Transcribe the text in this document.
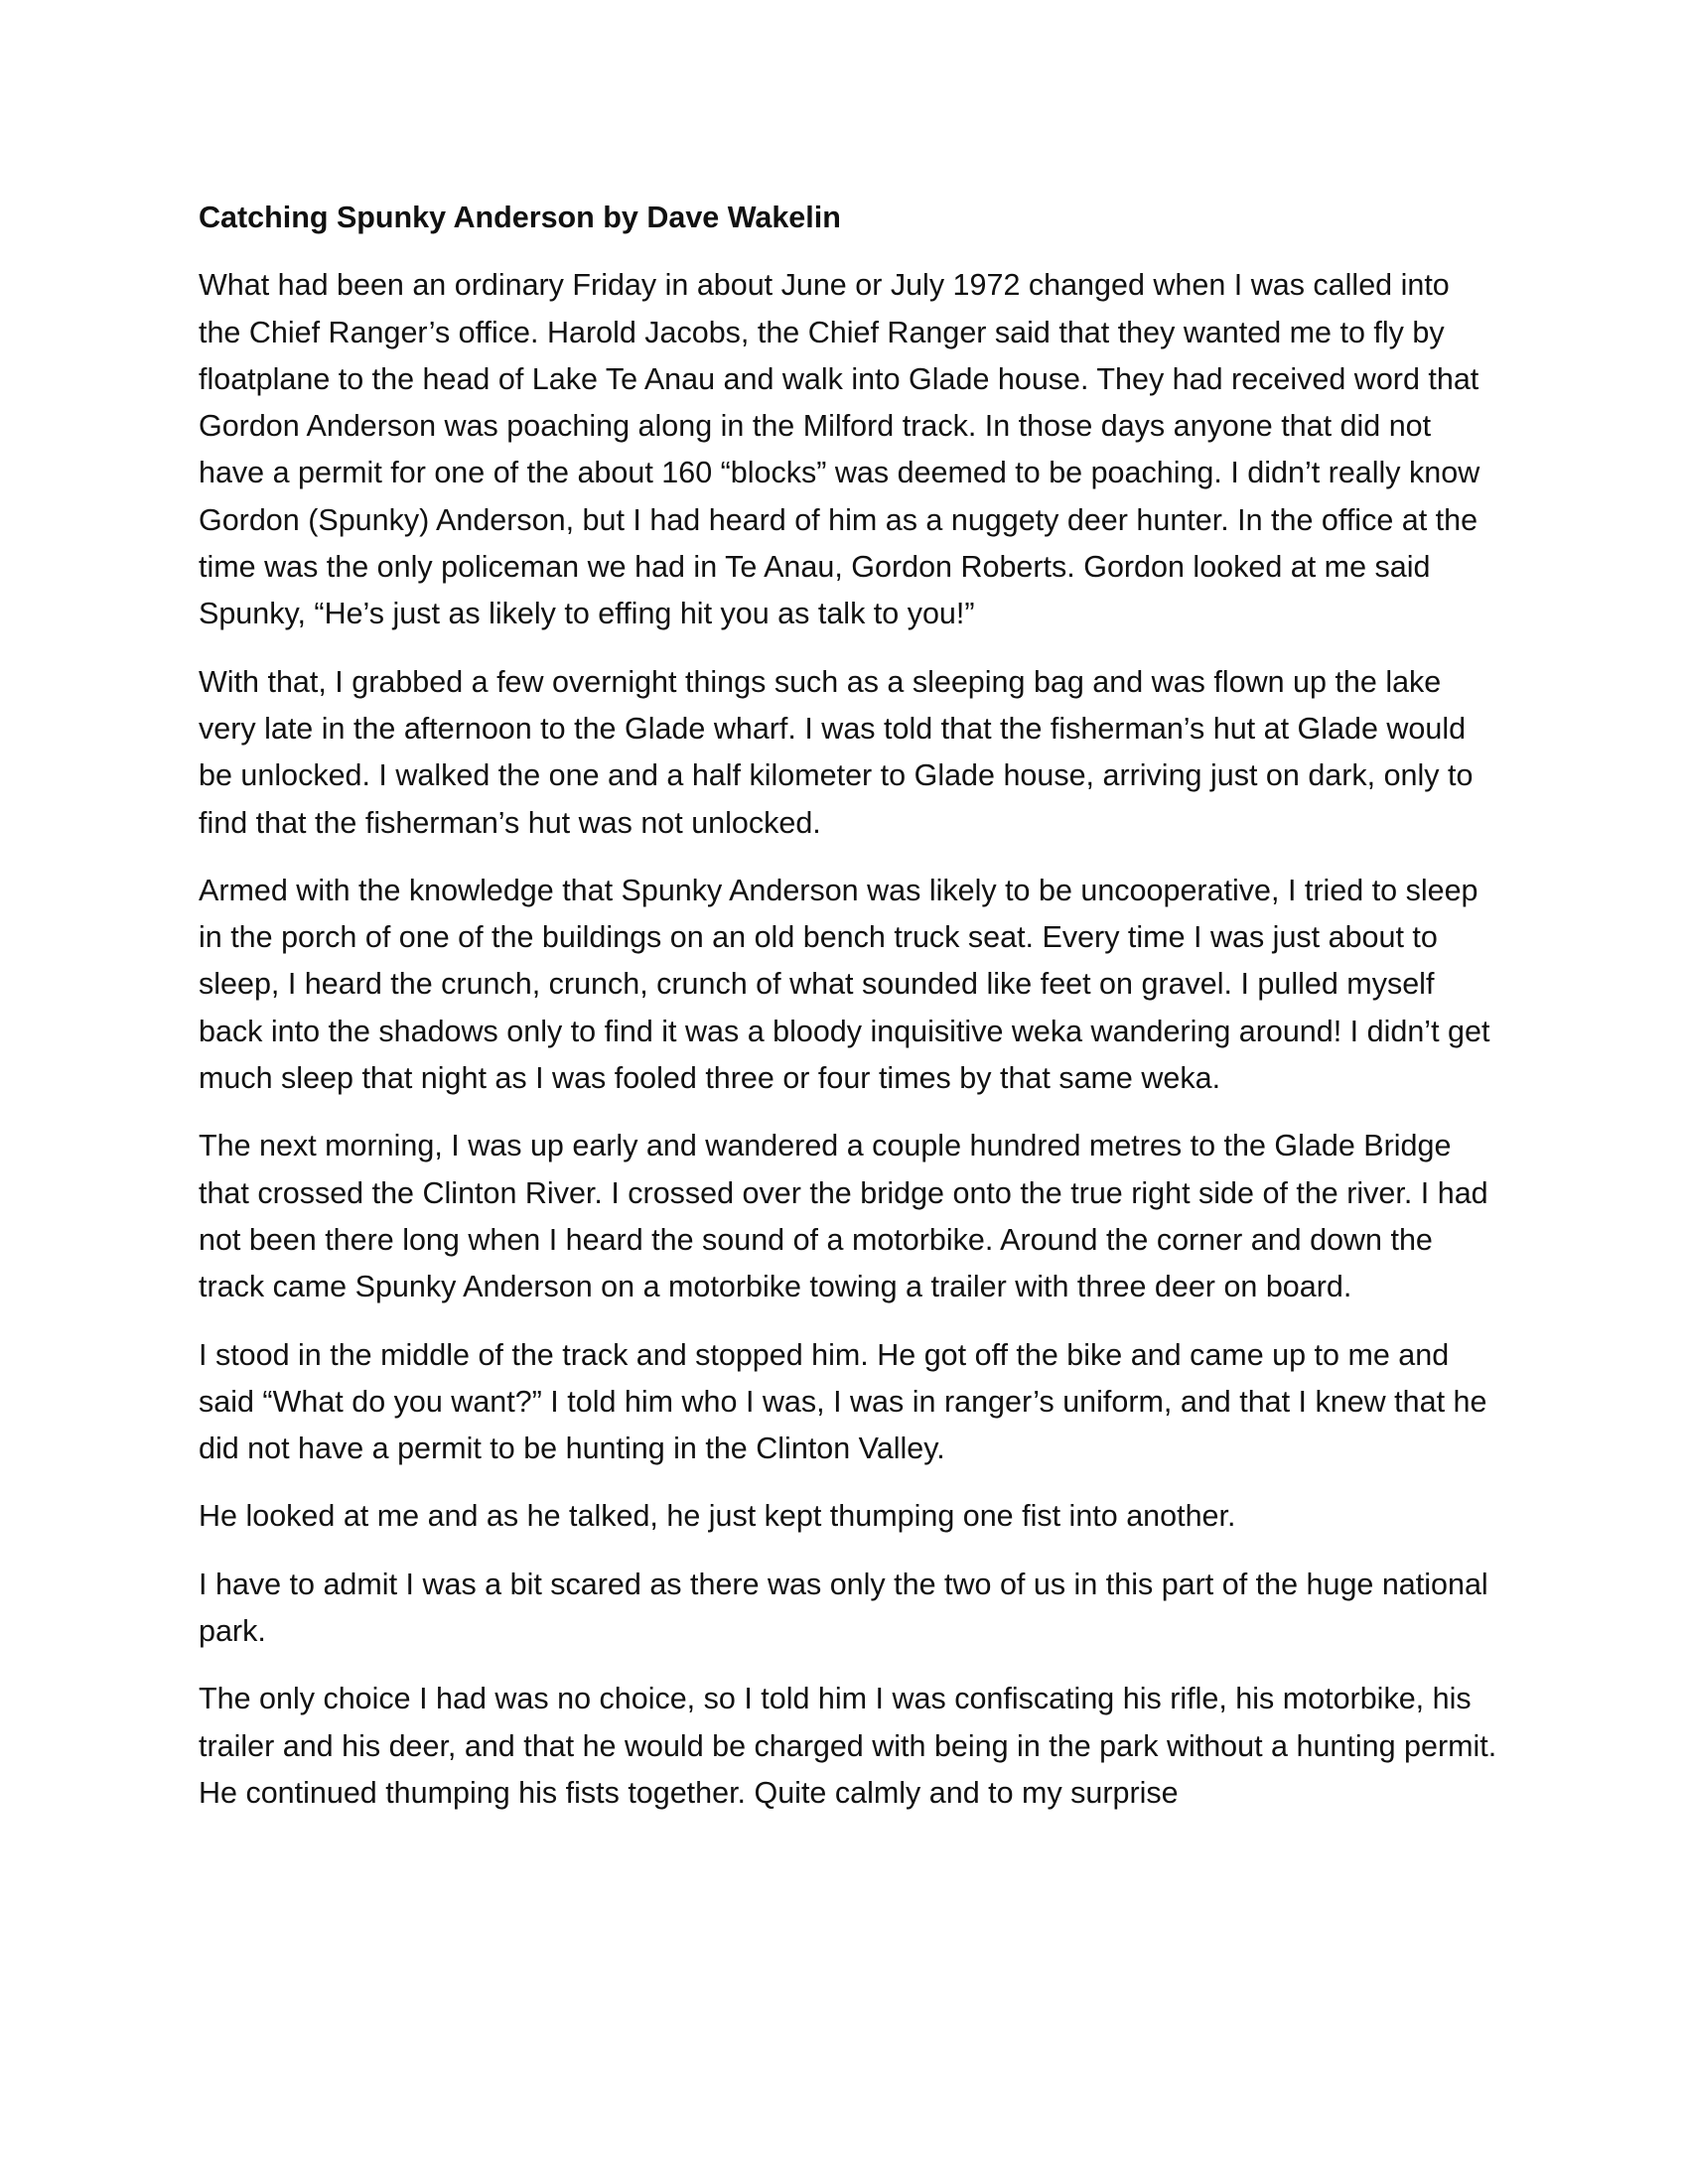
Catching Spunky Anderson by Dave Wakelin

What had been an ordinary Friday in about June or July 1972 changed when I was called into the Chief Ranger’s office. Harold Jacobs, the Chief Ranger said that they wanted me to fly by floatplane to the head of Lake Te Anau and walk into Glade house. They had received word that Gordon Anderson was poaching along in the Milford track. In those days anyone that did not have a permit for one of the about 160 “blocks” was deemed to be poaching. I didn’t really know Gordon (Spunky) Anderson, but I had heard of him as a nuggety deer hunter. In the office at the time was the only policeman we had in Te Anau, Gordon Roberts. Gordon looked at me said Spunky, “He’s just as likely to effing hit you as talk to you!”

With that, I grabbed a few overnight things such as a sleeping bag and was flown up the lake very late in the afternoon to the Glade wharf. I was told that the fisherman’s hut at Glade would be unlocked. I walked the one and a half kilometer to Glade house, arriving just on dark, only to find that the fisherman’s hut was not unlocked.

Armed with the knowledge that Spunky Anderson was likely to be uncooperative, I tried to sleep in the porch of one of the buildings on an old bench truck seat. Every time I was just about to sleep, I heard the crunch, crunch, crunch of what sounded like feet on gravel. I pulled myself back into the shadows only to find it was a bloody inquisitive weka wandering around! I didn’t get much sleep that night as I was fooled three or four times by that same weka.

The next morning, I was up early and wandered a couple hundred metres to the Glade Bridge that crossed the Clinton River. I crossed over the bridge onto the true right side of the river. I had not been there long when I heard the sound of a motorbike. Around the corner and down the track came Spunky Anderson on a motorbike towing a trailer with three deer on board.

I stood in the middle of the track and stopped him. He got off the bike and came up to me and said “What do you want?” I told him who I was, I was in ranger’s uniform, and that I knew that he did not have a permit to be hunting in the Clinton Valley.

He looked at me and as he talked, he just kept thumping one fist into another.

I have to admit I was a bit scared as there was only the two of us in this part of the huge national park.

The only choice I had was no choice, so I told him I was confiscating his rifle, his motorbike, his trailer and his deer, and that he would be charged with being in the park without a hunting permit. He continued thumping his fists together. Quite calmly and to my surprise
